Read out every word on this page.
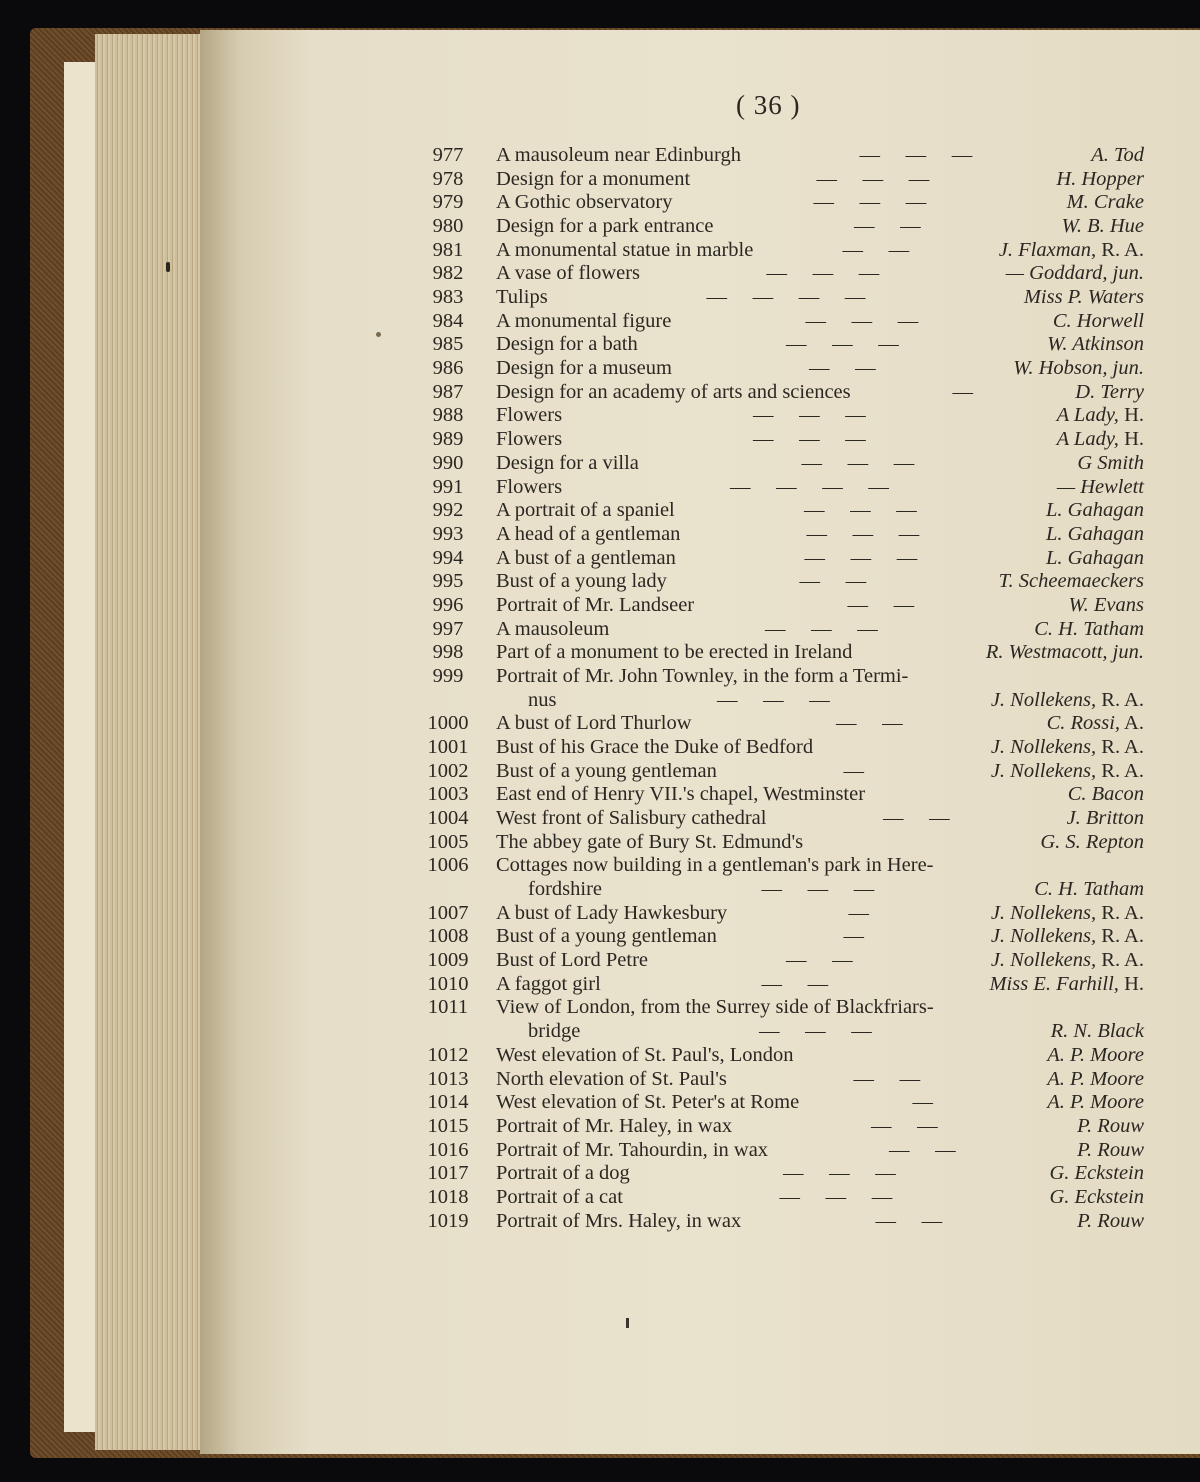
( 36 )
977	A mausoleum near Edinburgh	—     —     —	A. Tod
978	Design for a monument	—     —     —	H. Hopper
979	A Gothic observatory	—     —     —	M. Crake
980	Design for a park entrance	—     —	W. B. Hue
981	A monumental statue in marble	—     —	J. Flaxman, R. A.
982	A vase of flowers	—     —     —	— Goddard, jun.
983	Tulips	—     —     —     —	Miss P. Waters
984	A monumental figure	—     —     —	C. Horwell
985	Design for a bath	—     —     —	W. Atkinson
986	Design for a museum	—     —	W. Hobson, jun.
987	Design for an academy of arts and sciences	—	D. Terry
988	Flowers	—     —     —	A Lady, H.
989	Flowers	—     —     —	A Lady, H.
990	Design for a villa	—     —     —	G Smith
991	Flowers	—     —     —     —	— Hewlett
992	A portrait of a spaniel	—     —     —	L. Gahagan
993	A head of a gentleman	—     —     —	L. Gahagan
994	A bust of a gentleman	—     —     —	L. Gahagan
995	Bust of a young lady	—     —	T. Scheemaeckers
996	Portrait of Mr. Landseer	—     —	W. Evans
997	A mausoleum	—     —     —	C. H. Tatham
998	Part of a monument to be erected in Ireland	R. Westmacott, jun.
999	Portrait of Mr. John Townley, in the form a Termi-
nus	—     —     —	J. Nollekens, R. A.
1000	A bust of Lord Thurlow	—     —	C. Rossi, A.
1001	Bust of his Grace the Duke of Bedford	J. Nollekens, R. A.
1002	Bust of a young gentleman	—	J. Nollekens, R. A.
1003	East end of Henry VII.'s chapel, Westminster	C. Bacon
1004	West front of Salisbury cathedral	—     —	J. Britton
1005	The abbey gate of Bury St. Edmund's	G. S. Repton
1006	Cottages now building in a gentleman's park in Here-
fordshire	—     —     —	C. H. Tatham
1007	A bust of Lady Hawkesbury	—	J. Nollekens, R. A.
1008	Bust of a young gentleman	—	J. Nollekens, R. A.
1009	Bust of Lord Petre	—     —	J. Nollekens, R. A.
1010	A faggot girl	—     —	Miss E. Farhill, H.
1011	View of London, from the Surrey side of Blackfriars-
bridge	—     —     —	R. N. Black
1012	West elevation of St. Paul's, London	A. P. Moore
1013	North elevation of St. Paul's	—     —	A. P. Moore
1014	West elevation of St. Peter's at Rome	—	A. P. Moore
1015	Portrait of Mr. Haley, in wax	—     —	P. Rouw
1016	Portrait of Mr. Tahourdin, in wax	—     —	P. Rouw
1017	Portrait of a dog	—     —     —	G. Eckstein
1018	Portrait of a cat	—     —     —	G. Eckstein
1019	Portrait of Mrs. Haley, in wax	—     —	P. Rouw
